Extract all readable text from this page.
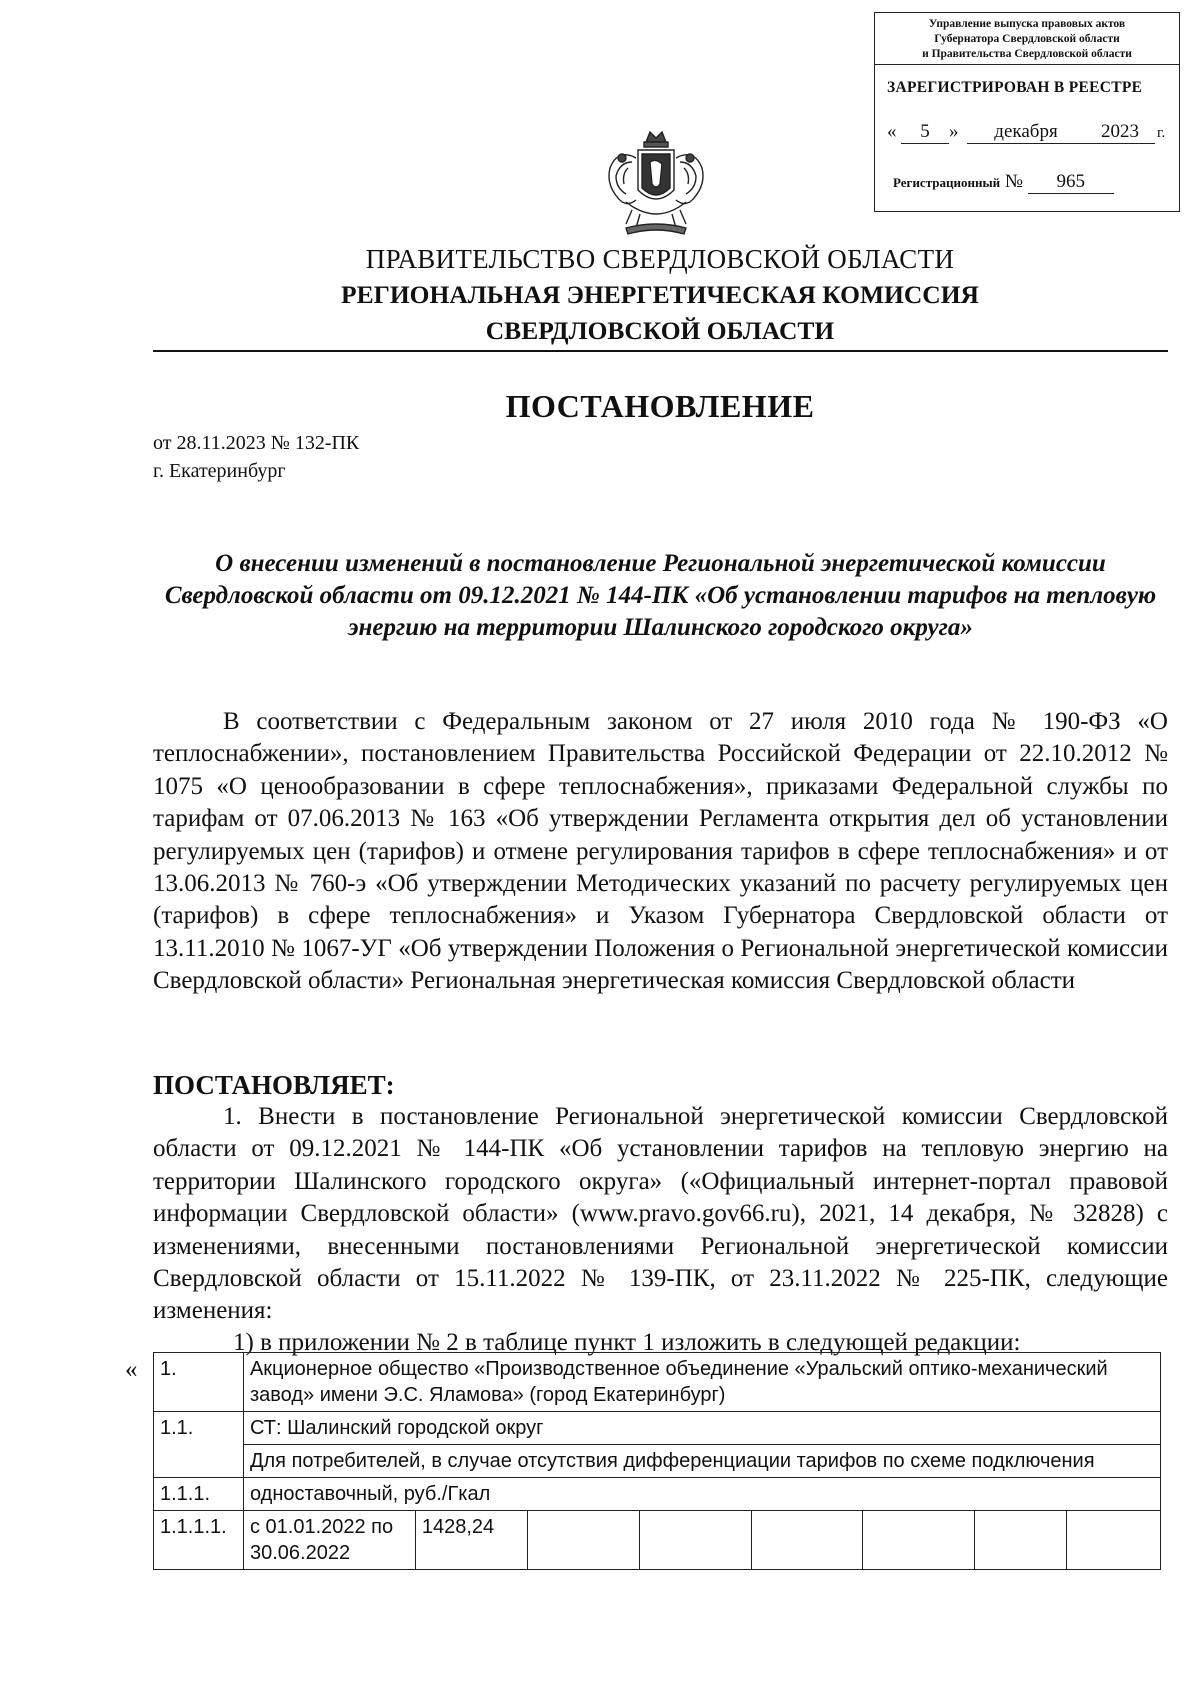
Управление выпуска правовых актов
Губернатора Свердловской области
и Правительства Свердловской области
ЗАРЕГИСТРИРОВАН В РЕЕСТРЕ
«	5	»	декабря	2023	г.
Регистрационный № 965
ПРАВИТЕЛЬСТВО СВЕРДЛОВСКОЙ ОБЛАСТИ
РЕГИОНАЛЬНАЯ ЭНЕРГЕТИЧЕСКАЯ КОМИССИЯ
СВЕРДЛОВСКОЙ ОБЛАСТИ
ПОСТАНОВЛЕНИЕ
от 28.11.2023 № 132-ПК
г. Екатеринбург
О внесении изменений в постановление Региональной энергетической комиссии Свердловской области от 09.12.2021 № 144-ПК «Об установлении тарифов на тепловую энергию на территории Шалинского городского округа»
В соответствии с Федеральным законом от 27 июля 2010 года № 190-ФЗ «О теплоснабжении», постановлением Правительства Российской Федерации от 22.10.2012 № 1075 «О ценообразовании в сфере теплоснабжения», приказами Федеральной службы по тарифам от 07.06.2013 № 163 «Об утверждении Регламента открытия дел об установлении регулируемых цен (тарифов) и отмене регулирования тарифов в сфере теплоснабжения» и от 13.06.2013 № 760-э «Об утверждении Методических указаний по расчету регулируемых цен (тарифов) в сфере теплоснабжения» и Указом Губернатора Свердловской области от 13.11.2010 № 1067-УГ «Об утверждении Положения о Региональной энергетической комиссии Свердловской области» Региональная энергетическая комиссия Свердловской области
ПОСТАНОВЛЯЕТ:
1. Внести в постановление Региональной энергетической комиссии Свердловской области от 09.12.2021 № 144-ПК «Об установлении тарифов на тепловую энергию на территории Шалинского городского округа» («Официальный интернет-портал правовой информации Свердловской области» (www.pravo.gov66.ru), 2021, 14 декабря, № 32828) с изменениями, внесенными постановлениями Региональной энергетической комиссии Свердловской области от 15.11.2022 № 139-ПК, от 23.11.2022 № 225-ПК, следующие изменения:
1) в приложении № 2 в таблице пункт 1 изложить в следующей редакции:
« 1.	Акционерное общество «Производственное объединение «Уральский оптико-механический завод» имени Э.С. Яламова» (город Екатеринбург)							
1.1.	СТ: Шалинский городской округ							
	Для потребителей, в случае отсутствия дифференциации тарифов по схеме подключения							
1.1.1.	одноставочный, руб./Гкал							
1.1.1.1.	с 01.01.2022 по 30.06.2022	1428,24						
